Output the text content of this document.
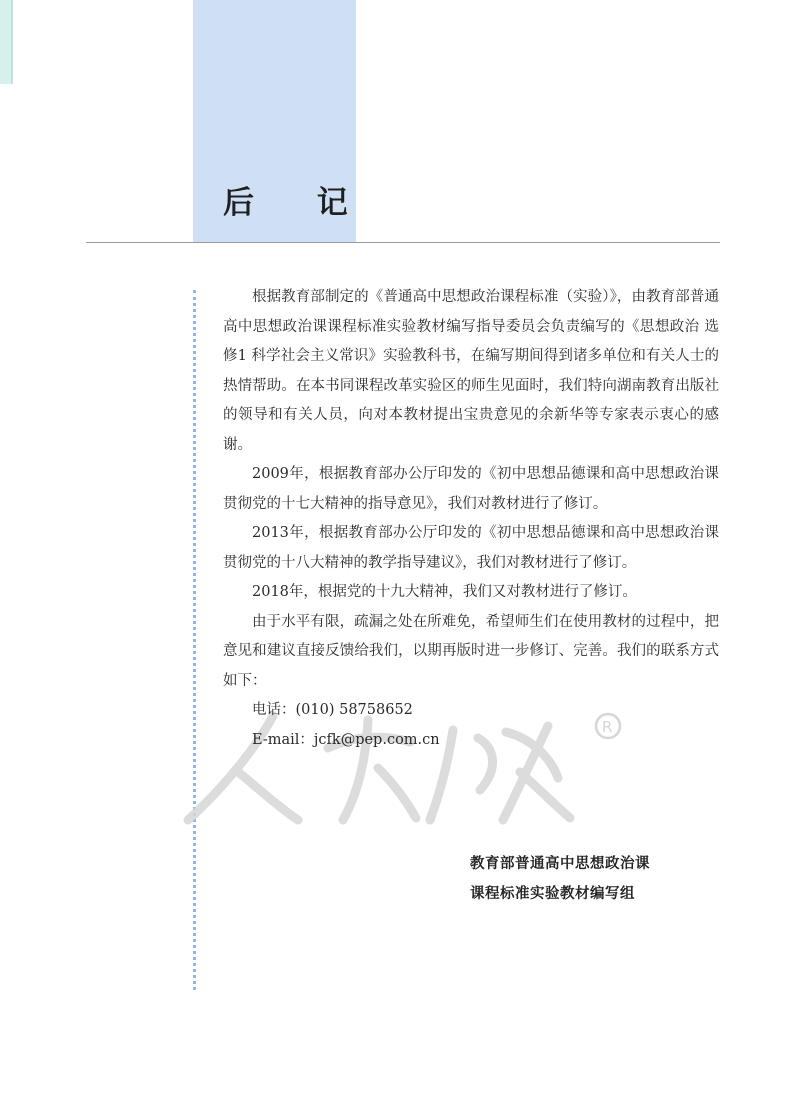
后 记
R

根据教育部制定的《普通高中思想政治课程标准（实验）》，由教育部普通高中思想政治课课程标准实验教材编写指导委员会负责编写的《思想政治 选修1 科学社会主义常识》实验教科书，在编写期间得到诸多单位和有关人士的热情帮助。在本书同课程改革实验区的师生见面时，我们特向湖南教育出版社的领导和有关人员，向对本教材提出宝贵意见的余新华等专家表示衷心的感谢。

2009年，根据教育部办公厅印发的《初中思想品德课和高中思想政治课贯彻党的十七大精神的指导意见》，我们对教材进行了修订。

2013年，根据教育部办公厅印发的《初中思想品德课和高中思想政治课贯彻党的十八大精神的教学指导建议》，我们对教材进行了修订。

2018年，根据党的十九大精神，我们又对教材进行了修订。

由于水平有限，疏漏之处在所难免，希望师生们在使用教材的过程中，把意见和建议直接反馈给我们，以期再版时进一步修订、完善。我们的联系方式如下：

电话：(010) 58758652

E-mail：jcfk@pep.com.cn

教育部普通高中思想政治课
课程标准实验教材编写组
